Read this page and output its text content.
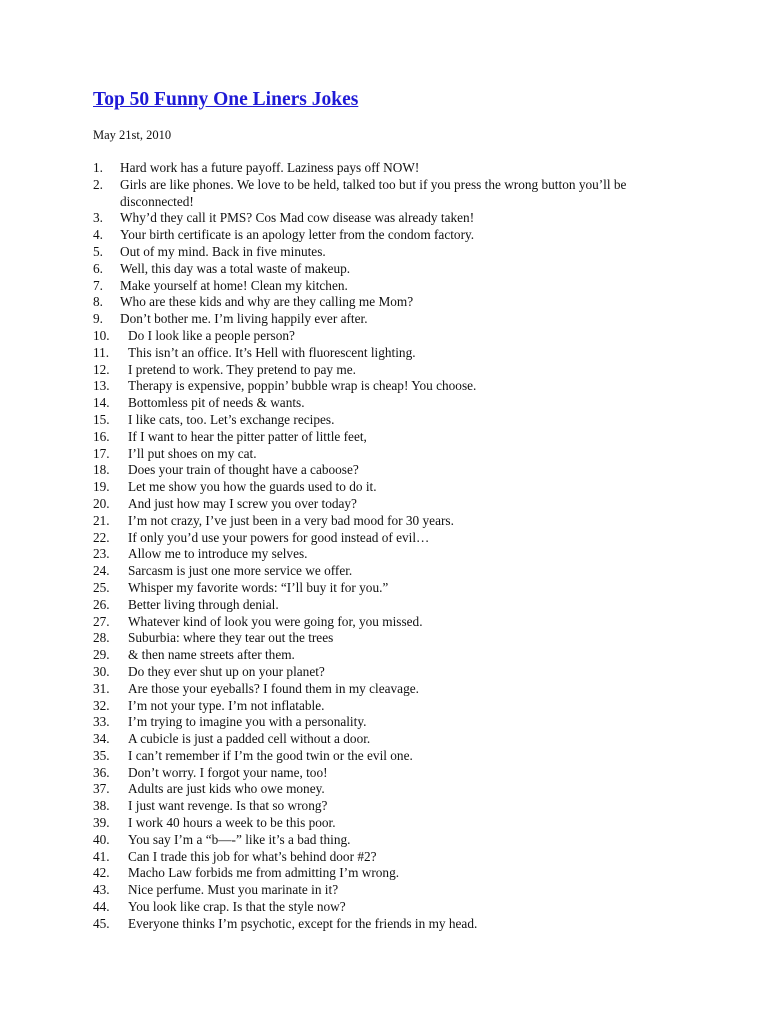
Top 50 Funny One Liners Jokes

May 21st, 2010

1. Hard work has a future payoff. Laziness pays off NOW!
2. Girls are like phones. We love to be held, talked too but if you press the wrong button you’ll be disconnected!
3. Why’d they call it PMS? Cos Mad cow disease was already taken!
4. Your birth certificate is an apology letter from the condom factory.
5. Out of my mind. Back in five minutes.
6. Well, this day was a total waste of makeup.
7. Make yourself at home! Clean my kitchen.
8. Who are these kids and why are they calling me Mom?
9. Don’t bother me. I’m living happily ever after.
10. Do I look like a people person?
11. This isn’t an office. It’s Hell with fluorescent lighting.
12. I pretend to work. They pretend to pay me.
13. Therapy is expensive, poppin’ bubble wrap is cheap! You choose.
14. Bottomless pit of needs & wants.
15. I like cats, too. Let’s exchange recipes.
16. If I want to hear the pitter patter of little feet,
17. I’ll put shoes on my cat.
18. Does your train of thought have a caboose?
19. Let me show you how the guards used to do it.
20. And just how may I screw you over today?
21. I’m not crazy, I’ve just been in a very bad mood for 30 years.
22. If only you’d use your powers for good instead of evil…
23. Allow me to introduce my selves.
24. Sarcasm is just one more service we offer.
25. Whisper my favorite words: “I’ll buy it for you.”
26. Better living through denial.
27. Whatever kind of look you were going for, you missed.
28. Suburbia: where they tear out the trees
29. & then name streets after them.
30. Do they ever shut up on your planet?
31. Are those your eyeballs? I found them in my cleavage.
32. I’m not your type. I’m not inflatable.
33. I’m trying to imagine you with a personality.
34. A cubicle is just a padded cell without a door.
35. I can’t remember if I’m the good twin or the evil one.
36. Don’t worry. I forgot your name, too!
37. Adults are just kids who owe money.
38. I just want revenge. Is that so wrong?
39. I work 40 hours a week to be this poor.
40. You say I’m a “b—-” like it’s a bad thing.
41. Can I trade this job for what’s behind door #2?
42. Macho Law forbids me from admitting I’m wrong.
43. Nice perfume. Must you marinate in it?
44. You look like crap. Is that the style now?
45. Everyone thinks I’m psychotic, except for the friends in my head.
